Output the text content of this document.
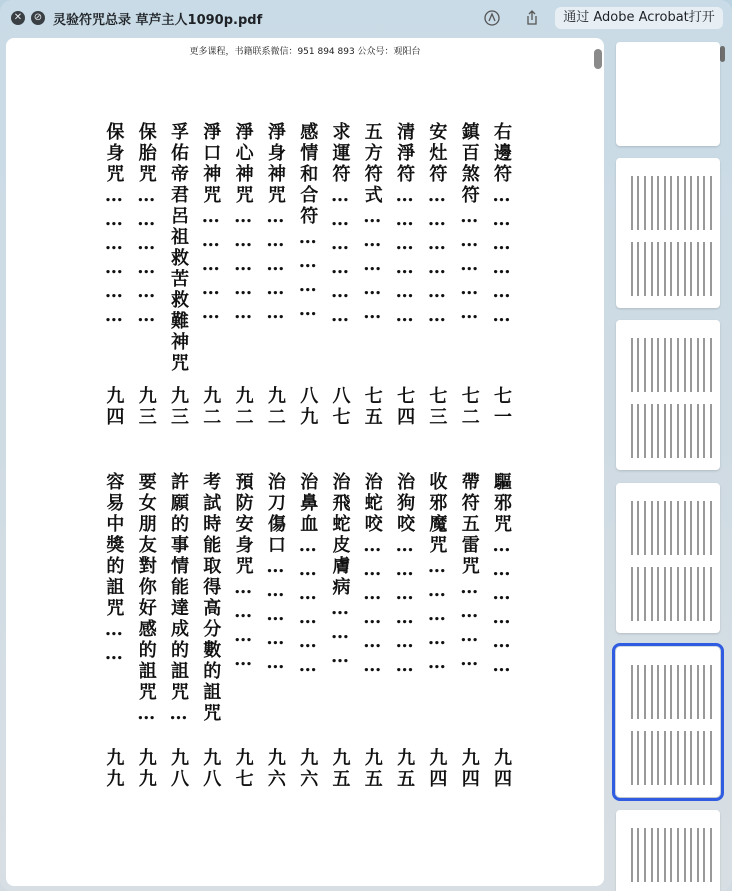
✕ ⊘ 灵验符咒总录 草芦主人1090p.pdf	通过 Adobe Acrobat打开
更多课程，书籍联系微信：951 894 893 公众号：观阳台
右邊符………………
七一
鎮百煞符……………
七二
安灶符………………
七三
清淨符………………
七四
五方符式……………
七五
求運符………………
八七
感情和合符…………
八九
淨身神咒……………
九二
淨心神咒……………
九二
淨口神咒……………
九二
孚佑帝君呂祖救苦救難神咒
九三
保胎咒………………
九三
保身咒………………
九四
驅邪咒………………
九四
帶符五雷咒…………
九四
收邪魔咒……………
九四
治狗咬………………
九五
治蛇咬………………
九五
治飛蛇皮膚病………
九五
治鼻血………………
九六
治刀傷口……………
九六
預防安身咒…………
九七
考試時能取得高分數的詛咒
九八
許願的事情能達成的詛咒…
九八
要女朋友對你好感的詛咒…
九九
容易中獎的詛咒……
九九
